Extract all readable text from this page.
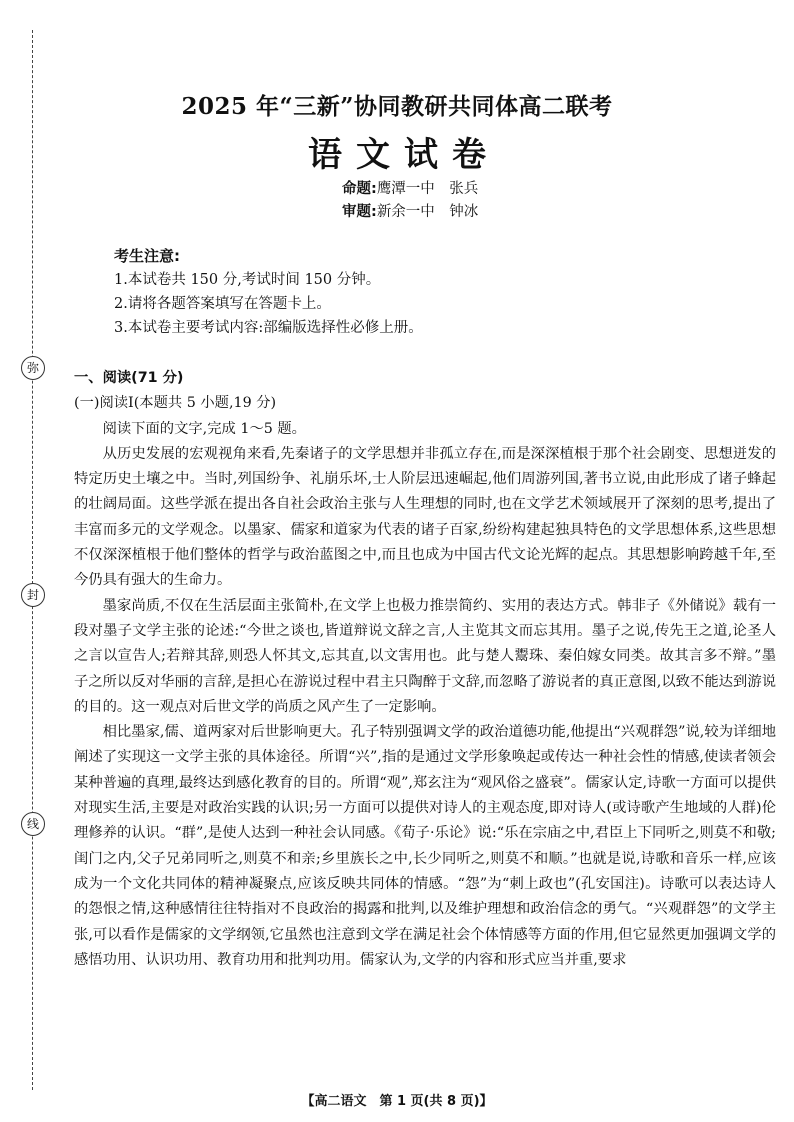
弥
封
线
2025 年“三新”协同教研共同体高二联考
语文试卷
命题:鹰潭一中　张兵
审题:新余一中　钟冰
考生注意:
1.本试卷共 150 分,考试时间 150 分钟。
2.请将各题答案填写在答题卡上。
3.本试卷主要考试内容:部编版选择性必修上册。

一、阅读(71 分)

(一)阅读Ⅰ(本题共 5 小题,19 分)

阅读下面的文字,完成 1～5 题。

从历史发展的宏观视角来看,先秦诸子的文学思想并非孤立存在,而是深深植根于那个社会剧变、思想迸发的特定历史土壤之中。当时,列国纷争、礼崩乐坏,士人阶层迅速崛起,他们周游列国,著书立说,由此形成了诸子蜂起的壮阔局面。这些学派在提出各自社会政治主张与人生理想的同时,也在文学艺术领域展开了深刻的思考,提出了丰富而多元的文学观念。以墨家、儒家和道家为代表的诸子百家,纷纷构建起独具特色的文学思想体系,这些思想不仅深深植根于他们整体的哲学与政治蓝图之中,而且也成为中国古代文论光辉的起点。其思想影响跨越千年,至今仍具有强大的生命力。

墨家尚质,不仅在生活层面主张简朴,在文学上也极力推崇简约、实用的表达方式。韩非子《外储说》载有一段对墨子文学主张的论述:“今世之谈也,皆道辩说文辞之言,人主览其文而忘其用。墨子之说,传先王之道,论圣人之言以宣告人;若辩其辞,则恐人怀其文,忘其直,以文害用也。此与楚人鬻珠、秦伯嫁女同类。故其言多不辩。”墨子之所以反对华丽的言辞,是担心在游说过程中君主只陶醉于文辞,而忽略了游说者的真正意图,以致不能达到游说的目的。这一观点对后世文学的尚质之风产生了一定影响。

相比墨家,儒、道两家对后世影响更大。孔子特别强调文学的政治道德功能,他提出“兴观群怨”说,较为详细地阐述了实现这一文学主张的具体途径。所谓“兴”,指的是通过文学形象唤起或传达一种社会性的情感,使读者领会某种普遍的真理,最终达到感化教育的目的。所谓“观”,郑玄注为“观风俗之盛衰”。儒家认定,诗歌一方面可以提供对现实生活,主要是对政治实践的认识;另一方面可以提供对诗人的主观态度,即对诗人(或诗歌产生地域的人群)伦理修养的认识。“群”,是使人达到一种社会认同感。《荀子·乐论》说:“乐在宗庙之中,君臣上下同听之,则莫不和敬;闺门之内,父子兄弟同听之,则莫不和亲;乡里族长之中,长少同听之,则莫不和顺。”也就是说,诗歌和音乐一样,应该成为一个文化共同体的精神凝聚点,应该反映共同体的情感。“怨”为“刺上政也”(孔安国注)。诗歌可以表达诗人的怨恨之情,这种感情往往特指对不良政治的揭露和批判,以及维护理想和政治信念的勇气。“兴观群怨”的文学主张,可以看作是儒家的文学纲领,它虽然也注意到文学在满足社会个体情感等方面的作用,但它显然更加强调文学的感悟功用、认识功用、教育功用和批判功用。儒家认为,文学的内容和形式应当并重,要求

【高二语文　第 1 页(共 8 页)】
